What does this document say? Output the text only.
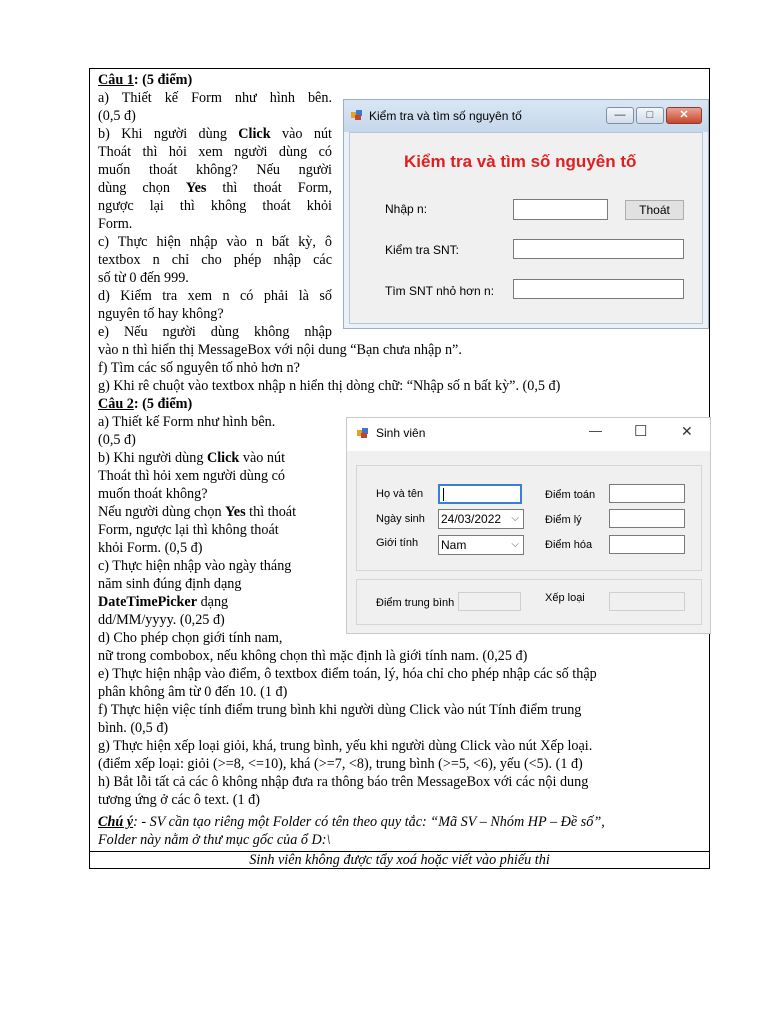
Câu 1: (5 điểm)
a) Thiết kế Form như hình bên.
(0,5 đ)
b) Khi người dùng Click vào nút
Thoát thì hỏi xem người dùng có
muốn thoát không? Nếu người
dùng chọn Yes thì thoát Form,
ngược lại thì không thoát khỏi
Form.
c) Thực hiện nhập vào n bất kỳ, ô
textbox n chỉ cho phép nhập các
số từ 0 đến 999.
d) Kiểm tra xem n có phải là số
nguyên tố hay không?
e) Nếu người dùng không nhập
vào n thì hiển thị MessageBox với nội dung “Bạn chưa nhập n”.
f) Tìm các số nguyên tố nhỏ hơn n?
g) Khi rê chuột vào textbox nhập n hiển thị dòng chữ: “Nhập số n bất kỳ”. (0,5 đ)
Câu 2: (5 điểm)
a) Thiết kế Form như hình bên.
(0,5 đ)
b) Khi người dùng Click vào nút
Thoát thì hỏi xem người dùng có
muốn thoát không?
Nếu người dùng chọn Yes thì thoát
Form, ngược lại thì không thoát
khỏi Form. (0,5 đ)
c) Thực hiện nhập vào ngày tháng
năm sinh đúng định dạng
DateTimePicker dạng
dd/MM/yyyy. (0,25 đ)
d) Cho phép chọn giới tính nam,
nữ trong combobox, nếu không chọn thì mặc định là giới tính nam. (0,25 đ)
e) Thực hiện nhập vào điểm, ô textbox điểm toán, lý, hóa chỉ cho phép nhập các số thập
phân không âm từ 0 đến 10. (1 đ)
f) Thực hiện việc tính điểm trung bình khi người dùng Click vào nút Tính điểm trung
bình. (0,5 đ)
g) Thực hiện xếp loại giỏi, khá, trung bình, yếu khi người dùng Click vào nút Xếp loại.
(điểm xếp loại: giỏi (>=8, <=10), khá (>=7, <8), trung bình (>=5, <6), yếu (<5). (1 đ)
h) Bắt lỗi tất cả các ô không nhập đưa ra thông báo trên MessageBox với các nội dung
tương ứng ở các ô text. (1 đ)
Chú ý: - SV cần tạo riêng một Folder có tên theo quy tắc: “Mã SV – Nhóm HP – Đề số”,
Folder này nằm ở thư mục gốc của ổ D:\
Sinh viên không được tẩy xoá hoặc viết vào phiếu thi
Kiểm tra và tìm số nguyên tố	—	□	✕
Kiểm tra và tìm số nguyên tố
Nhập n:	Thoát
Kiểm tra SNT:
Tìm SNT nhỏ hơn n:
Sinh viên	— ☐ ✕
Họ và tên
Ngày sinh 24/03/2022 ⌵
Giới tính Nam	⌵
Điểm toán
Điểm lý
Điểm hóa
Điểm trung bình	Xếp loại
